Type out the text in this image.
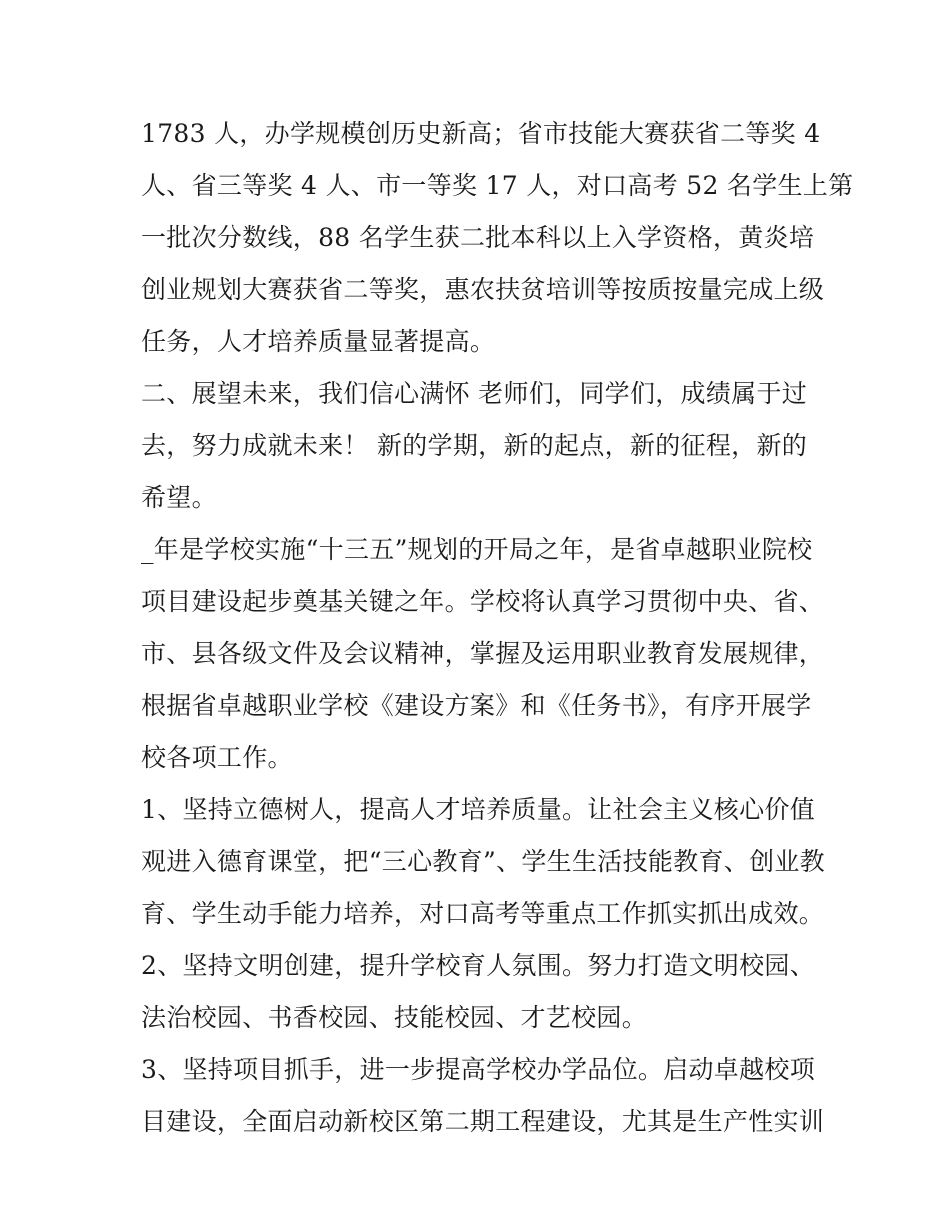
1783 人，办学规模创历史新高；省市技能大赛获省二等奖 4
人、省三等奖 4 人、市一等奖 17 人，对口高考 52 名学生上第
一批次分数线，88 名学生获二批本科以上入学资格，黄炎培
创业规划大赛获省二等奖，惠农扶贫培训等按质按量完成上级
任务，人才培养质量显著提高。
二、展望未来，我们信心满怀 老师们，同学们，成绩属于过
去，努力成就未来！ 新的学期，新的起点，新的征程，新的
希望。
_年是学校实施“十三五”规划的开局之年，是省卓越职业院校
项目建设起步奠基关键之年。学校将认真学习贯彻中央、省、
市、县各级文件及会议精神，掌握及运用职业教育发展规律，
根据省卓越职业学校《建设方案》和《任务书》，有序开展学
校各项工作。
1、坚持立德树人，提高人才培养质量。让社会主义核心价值
观进入德育课堂，把“三心教育”、学生生活技能教育、创业教
育、学生动手能力培养，对口高考等重点工作抓实抓出成效。
2、坚持文明创建，提升学校育人氛围。努力打造文明校园、
法治校园、书香校园、技能校园、才艺校园。
3、坚持项目抓手，进一步提高学校办学品位。启动卓越校项
目建设，全面启动新校区第二期工程建设，尤其是生产性实训
